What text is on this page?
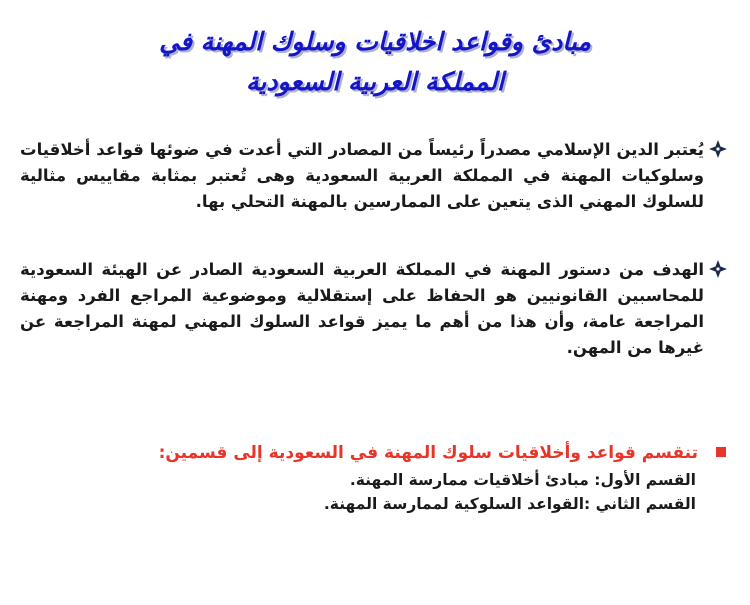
مبادئ وقواعد اخلاقيات وسلوك المهنة في
المملكة العربية السعودية
يُعتبر الدين الإسلامي مصدراً رئيساً من المصادر التي أعدت في ضوئها قواعد أخلاقيات وسلوكيات المهنة في المملكة العربية السعودية وهى تُعتبر بمثابة مقاييس مثالية للسلوك المهني الذى يتعين على الممارسين بالمهنة التحلي بها.
الهدف من دستور المهنة في المملكة العربية السعودية الصادر عن الهيئة السعودية للمحاسبين القانونيين هو الحفاظ على إستقلالية وموضوعية المراجع الفرد ومهنة المراجعة عامة، وأن هذا من أهم ما يميز قواعد السلوك المهني لمهنة المراجعة عن غيرها من المهن.
تنقسم قواعد وأخلاقيات سلوك المهنة في السعودية إلى قسمين:
القسم الأول: مبادئ أخلاقيات ممارسة المهنة.
القسم الثاني :القواعد السلوكية لممارسة المهنة.
